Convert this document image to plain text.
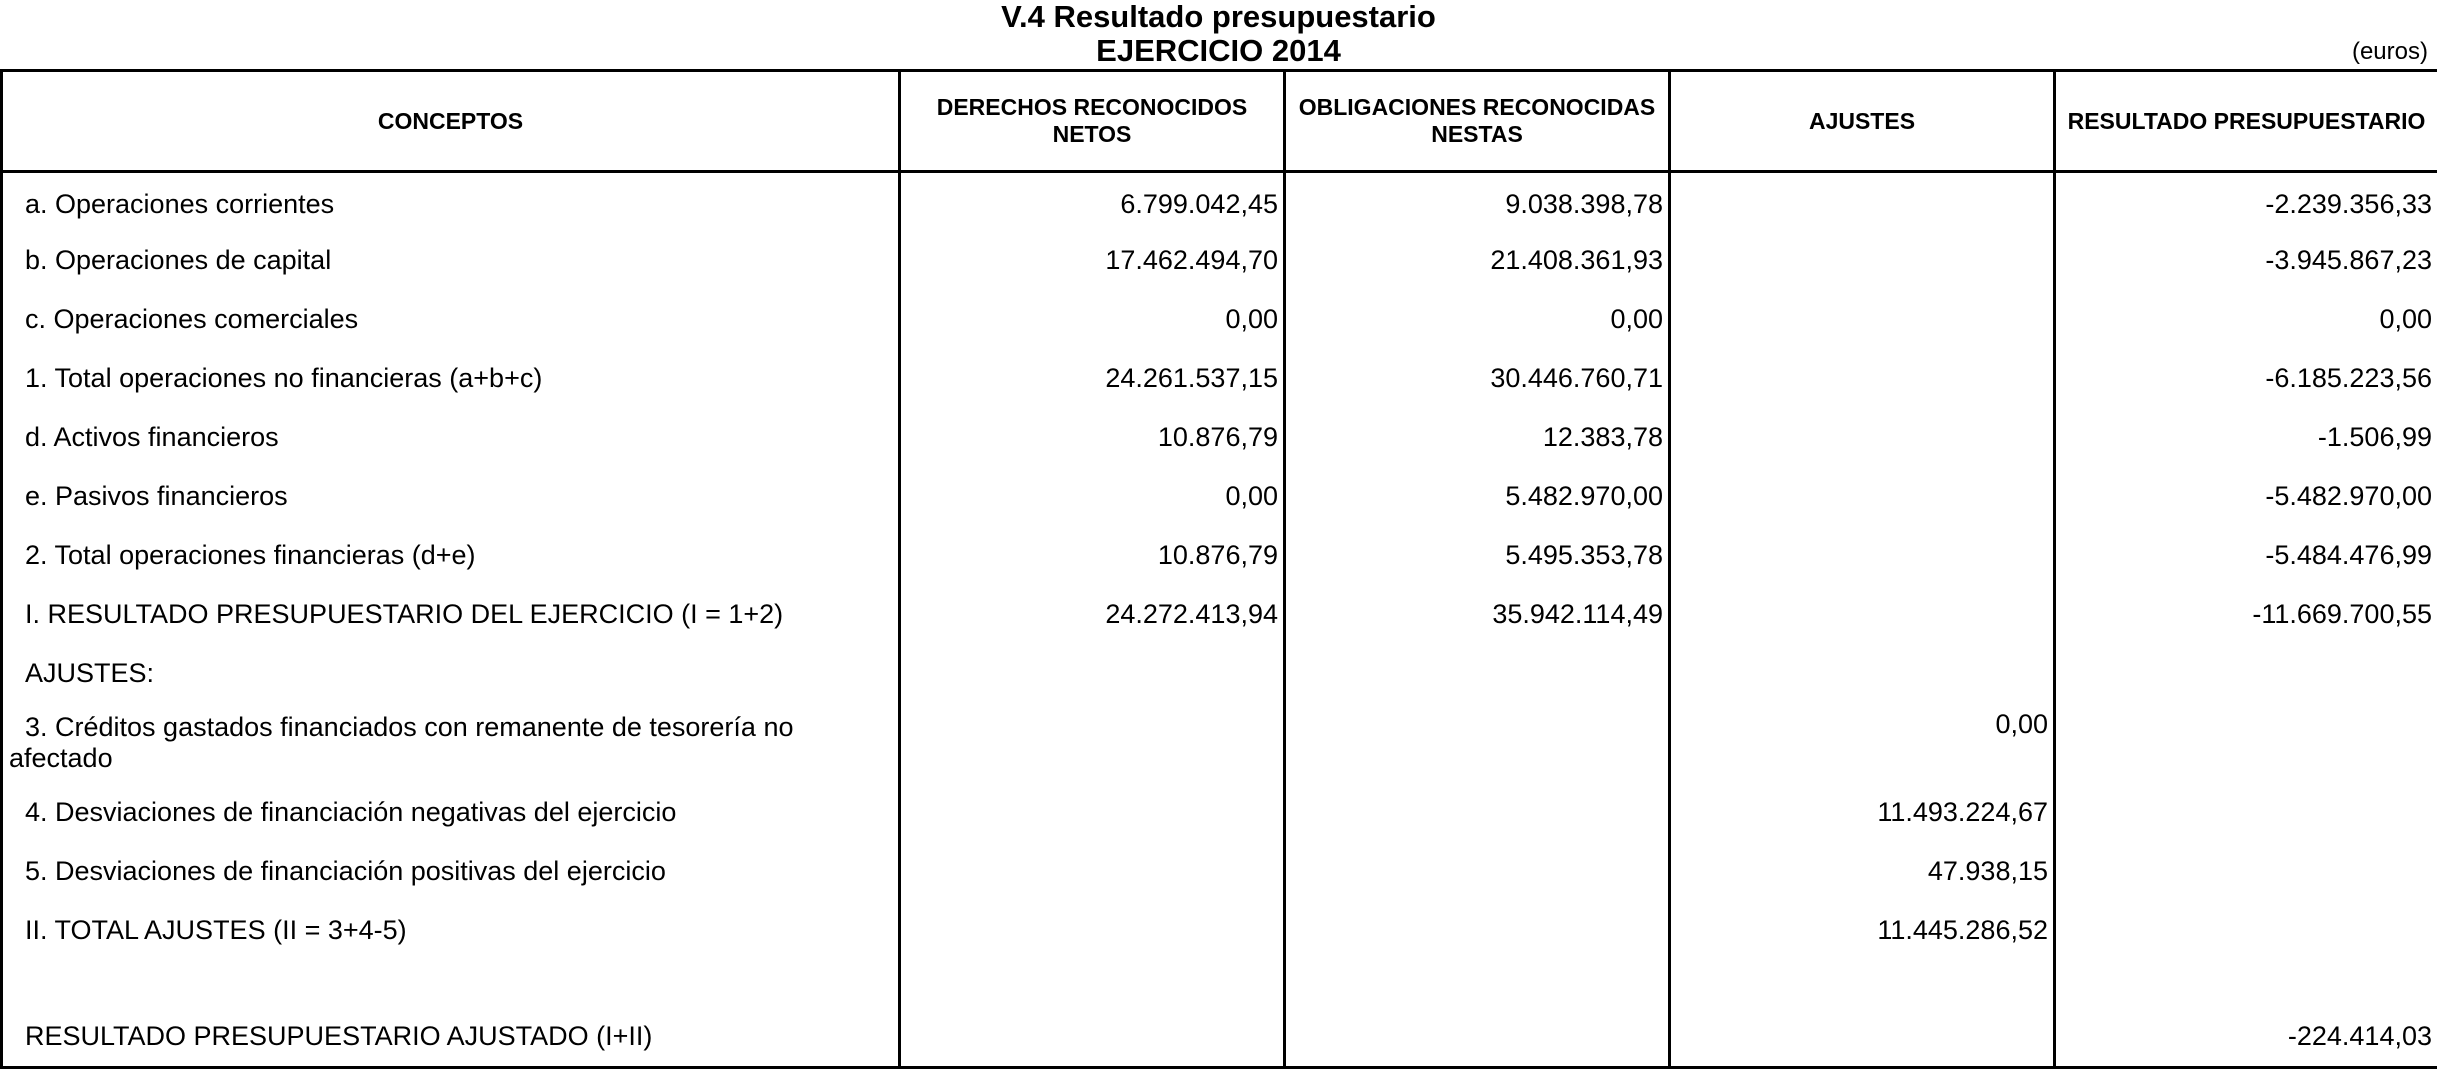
V.4 Resultado presupuestario
EJERCICIO 2014	(euros)
CONCEPTOS	DERECHOS RECONOCIDOS NETOS	OBLIGACIONES RECONOCIDAS NESTAS	AJUSTES	RESULTADO PRESUPUESTARIO
a. Operaciones corrientes	6.799.042,45	9.038.398,78		-2.239.356,33
b. Operaciones de capital	17.462.494,70	21.408.361,93		-3.945.867,23
c. Operaciones comerciales	0,00	0,00		0,00
1. Total operaciones no financieras (a+b+c)	24.261.537,15	30.446.760,71		-6.185.223,56
d. Activos financieros	10.876,79	12.383,78		-1.506,99
e. Pasivos financieros	0,00	5.482.970,00		-5.482.970,00
2. Total operaciones financieras (d+e)	10.876,79	5.495.353,78		-5.484.476,99
I. RESULTADO PRESUPUESTARIO DEL EJERCICIO (I = 1+2)	24.272.413,94	35.942.114,49		-11.669.700,55
AJUSTES:				
3. Créditos gastados financiados con remanente de tesorería no afectado			0,00	
4. Desviaciones de financiación negativas del ejercicio			11.493.224,67	
5. Desviaciones de financiación positivas del ejercicio			47.938,15	
II. TOTAL AJUSTES (II = 3+4-5)			11.445.286,52	

RESULTADO PRESUPUESTARIO AJUSTADO (I+II)				-224.414,03
